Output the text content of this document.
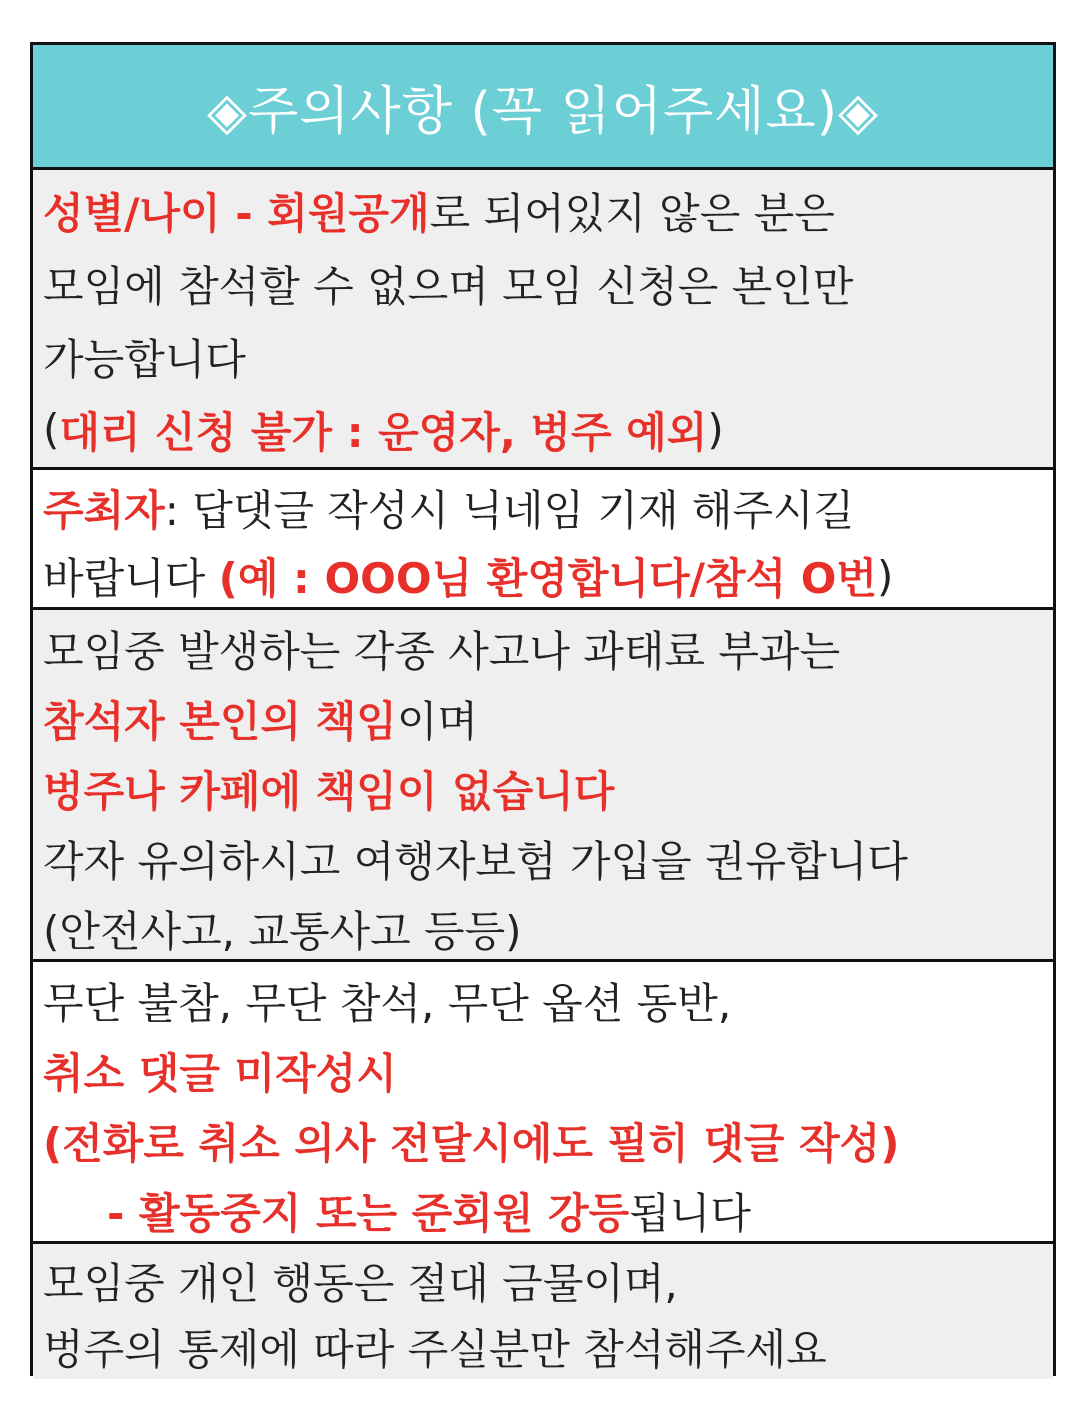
◈주의사항 (꼭 읽어주세요)◈
성별/나이 - 회원공개 로 되어있지 않은 분은
모임에 참석할 수 없으며 모임 신청은 본인만
가능합니다
( 대리 신청 불가 : 운영자, 벙주 예외 )
주최자 : 답댓글 작성시 닉네임 기재 해주시길
바랍니다
(예 : OOO님 환영합니다/참석 O번 )
모임중 발생하는 각종 사고나 과태료 부과는
참석자 본인의 책임 이며
벙주나 카페에 책임이 없습니다
각자 유의하시고 여행자보험 가입을 권유합니다
(안전사고, 교통사고 등등)
무단 불참, 무단 참석, 무단 옵션 동반,
취소 댓글 미작성시
(전화로 취소 의사 전달시에도 필히 댓글 작성)
- 활동중지 또는 준회원 강등 됩니다
모임중 개인 행동은 절대 금물이며,
벙주의 통제에 따라 주실분만 참석해주세요
